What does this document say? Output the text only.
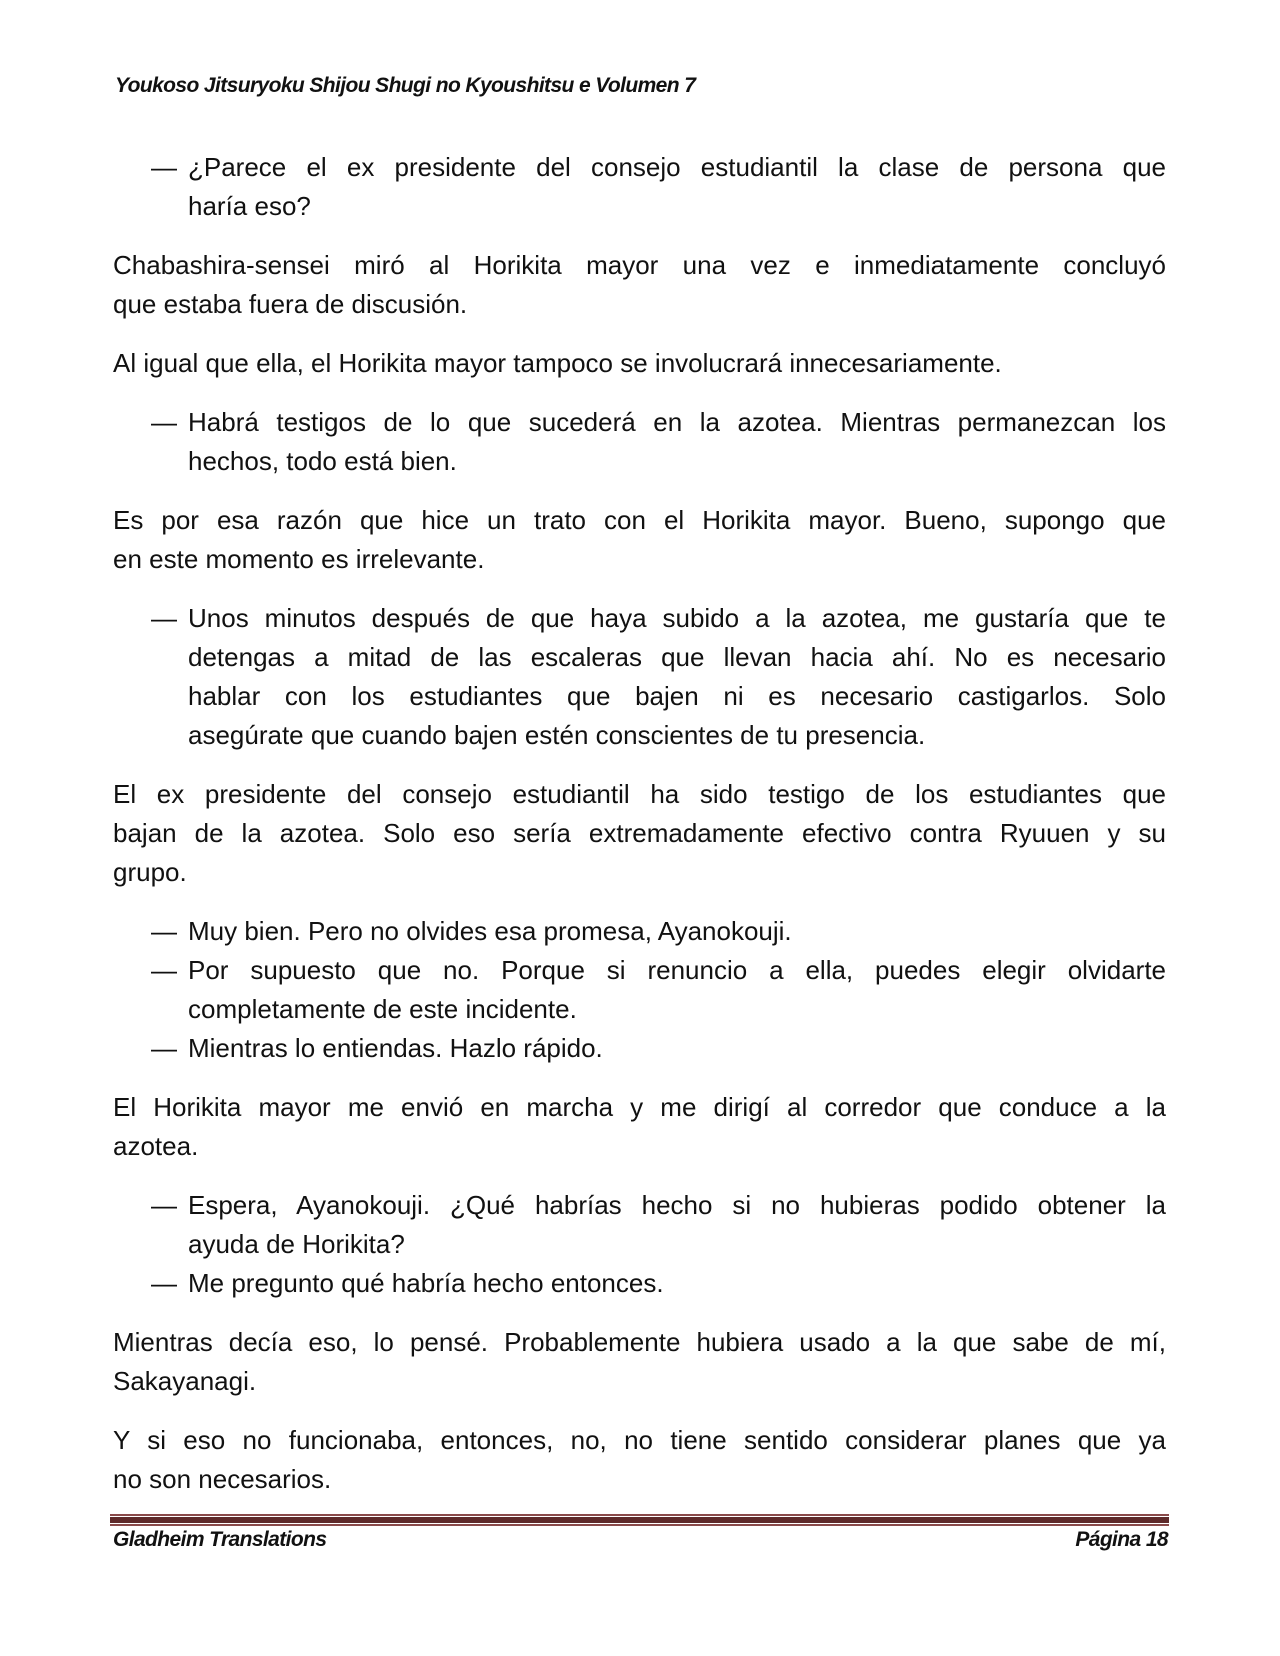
Youkoso Jitsuryoku Shijou Shugi no Kyoushitsu e Volumen 7
— ¿Parece el ex presidente del consejo estudiantil la clase de persona que
haría eso?
Chabashira-sensei miró al Horikita mayor una vez e inmediatamente concluyó
que estaba fuera de discusión.
Al igual que ella, el Horikita mayor tampoco se involucrará innecesariamente.
— Habrá testigos de lo que sucederá en la azotea. Mientras permanezcan los
hechos, todo está bien.
Es por esa razón que hice un trato con el Horikita mayor. Bueno, supongo que
en este momento es irrelevante.
— Unos minutos después de que haya subido a la azotea, me gustaría que te
detengas a mitad de las escaleras que llevan hacia ahí. No es necesario
hablar con los estudiantes que bajen ni es necesario castigarlos. Solo
asegúrate que cuando bajen estén conscientes de tu presencia.
El ex presidente del consejo estudiantil ha sido testigo de los estudiantes que
bajan de la azotea. Solo eso sería extremadamente efectivo contra Ryuuen y su
grupo.
— Muy bien. Pero no olvides esa promesa, Ayanokouji.
— Por supuesto que no. Porque si renuncio a ella, puedes elegir olvidarte
completamente de este incidente.
— Mientras lo entiendas. Hazlo rápido.
El Horikita mayor me envió en marcha y me dirigí al corredor que conduce a la
azotea.
— Espera, Ayanokouji. ¿Qué habrías hecho si no hubieras podido obtener la
ayuda de Horikita?
— Me pregunto qué habría hecho entonces.
Mientras decía eso, lo pensé. Probablemente hubiera usado a la que sabe de mí,
Sakayanagi.
Y si eso no funcionaba, entonces, no, no tiene sentido considerar planes que ya
no son necesarios.
Gladheim Translations	Página 18
